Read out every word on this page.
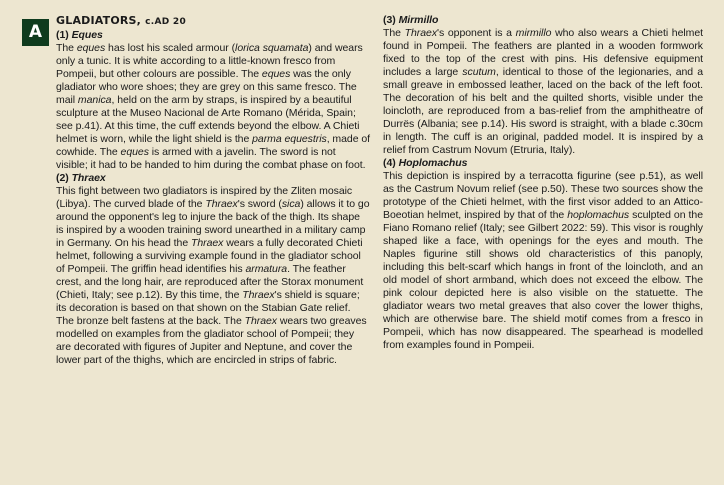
A
GLADIATORS, c.AD 20
(1) Eques

The eques has lost his scaled armour (lorica squamata) and wears only a tunic. It is white according to a little-known fresco from Pompeii, but other colours are possible. The eques was the only gladiator who wore shoes; they are grey on this same fresco. The mail manica, held on the arm by straps, is inspired by a beautiful sculpture at the Museo Nacional de Arte Romano (Mérida, Spain; see p.41). At this time, the cuff extends beyond the elbow. A Chieti helmet is worn, while the light shield is the parma equestris, made of cowhide. The eques is armed with a javelin. The sword is not visible; it had to be handed to him during the combat phase on foot.

(2) Thraex

This fight between two gladiators is inspired by the Zliten mosaic (Libya). The curved blade of the Thraex's sword (sica) allows it to go around the opponent's leg to injure the back of the thigh. Its shape is inspired by a wooden training sword unearthed in a military camp in Germany. On his head the Thraex wears a fully decorated Chieti helmet, following a surviving example found in the gladiator school of Pompeii. The griffin head identifies his armatura. The feather crest, and the long hair, are reproduced after the Storax monument (Chieti, Italy; see p.12). By this time, the Thraex's shield is square; its decoration is based on that shown on the Stabian Gate relief. The bronze belt fastens at the back. The Thraex wears two greaves modelled on examples from the gladiator school of Pompeii; they are decorated with figures of Jupiter and Neptune, and cover the lower part of the thighs, which are encircled in strips of fabric.

(3) Mirmillo

The Thraex's opponent is a mirmillo who also wears a Chieti helmet found in Pompeii. The feathers are planted in a wooden formwork fixed to the top of the crest with pins. His defensive equipment includes a large scutum, identical to those of the legionaries, and a small greave in embossed leather, laced on the back of the left foot. The decoration of his belt and the quilted shorts, visible under the loincloth, are reproduced from a bas-relief from the amphitheatre of Durrës (Albania; see p.14). His sword is straight, with a blade c.30cm in length. The cuff is an original, padded model. It is inspired by a relief from Castrum Novum (Etruria, Italy).

(4) Hoplomachus

This depiction is inspired by a terracotta figurine (see p.51), as well as the Castrum Novum relief (see p.50). These two sources show the prototype of the Chieti helmet, with the first visor added to an Attico-Boeotian helmet, inspired by that of the hoplomachus sculpted on the Fiano Romano relief (Italy; see Gilbert 2022: 59). This visor is roughly shaped like a face, with openings for the eyes and mouth. The Naples figurine still shows old characteristics of this panoply, including this belt-scarf which hangs in front of the loincloth, and an old model of short armband, which does not exceed the elbow. The pink colour depicted here is also visible on the statuette. The gladiator wears two metal greaves that also cover the lower thighs, which are otherwise bare. The shield motif comes from a fresco in Pompeii, which has now disappeared. The spearhead is modelled from examples found in Pompeii.
